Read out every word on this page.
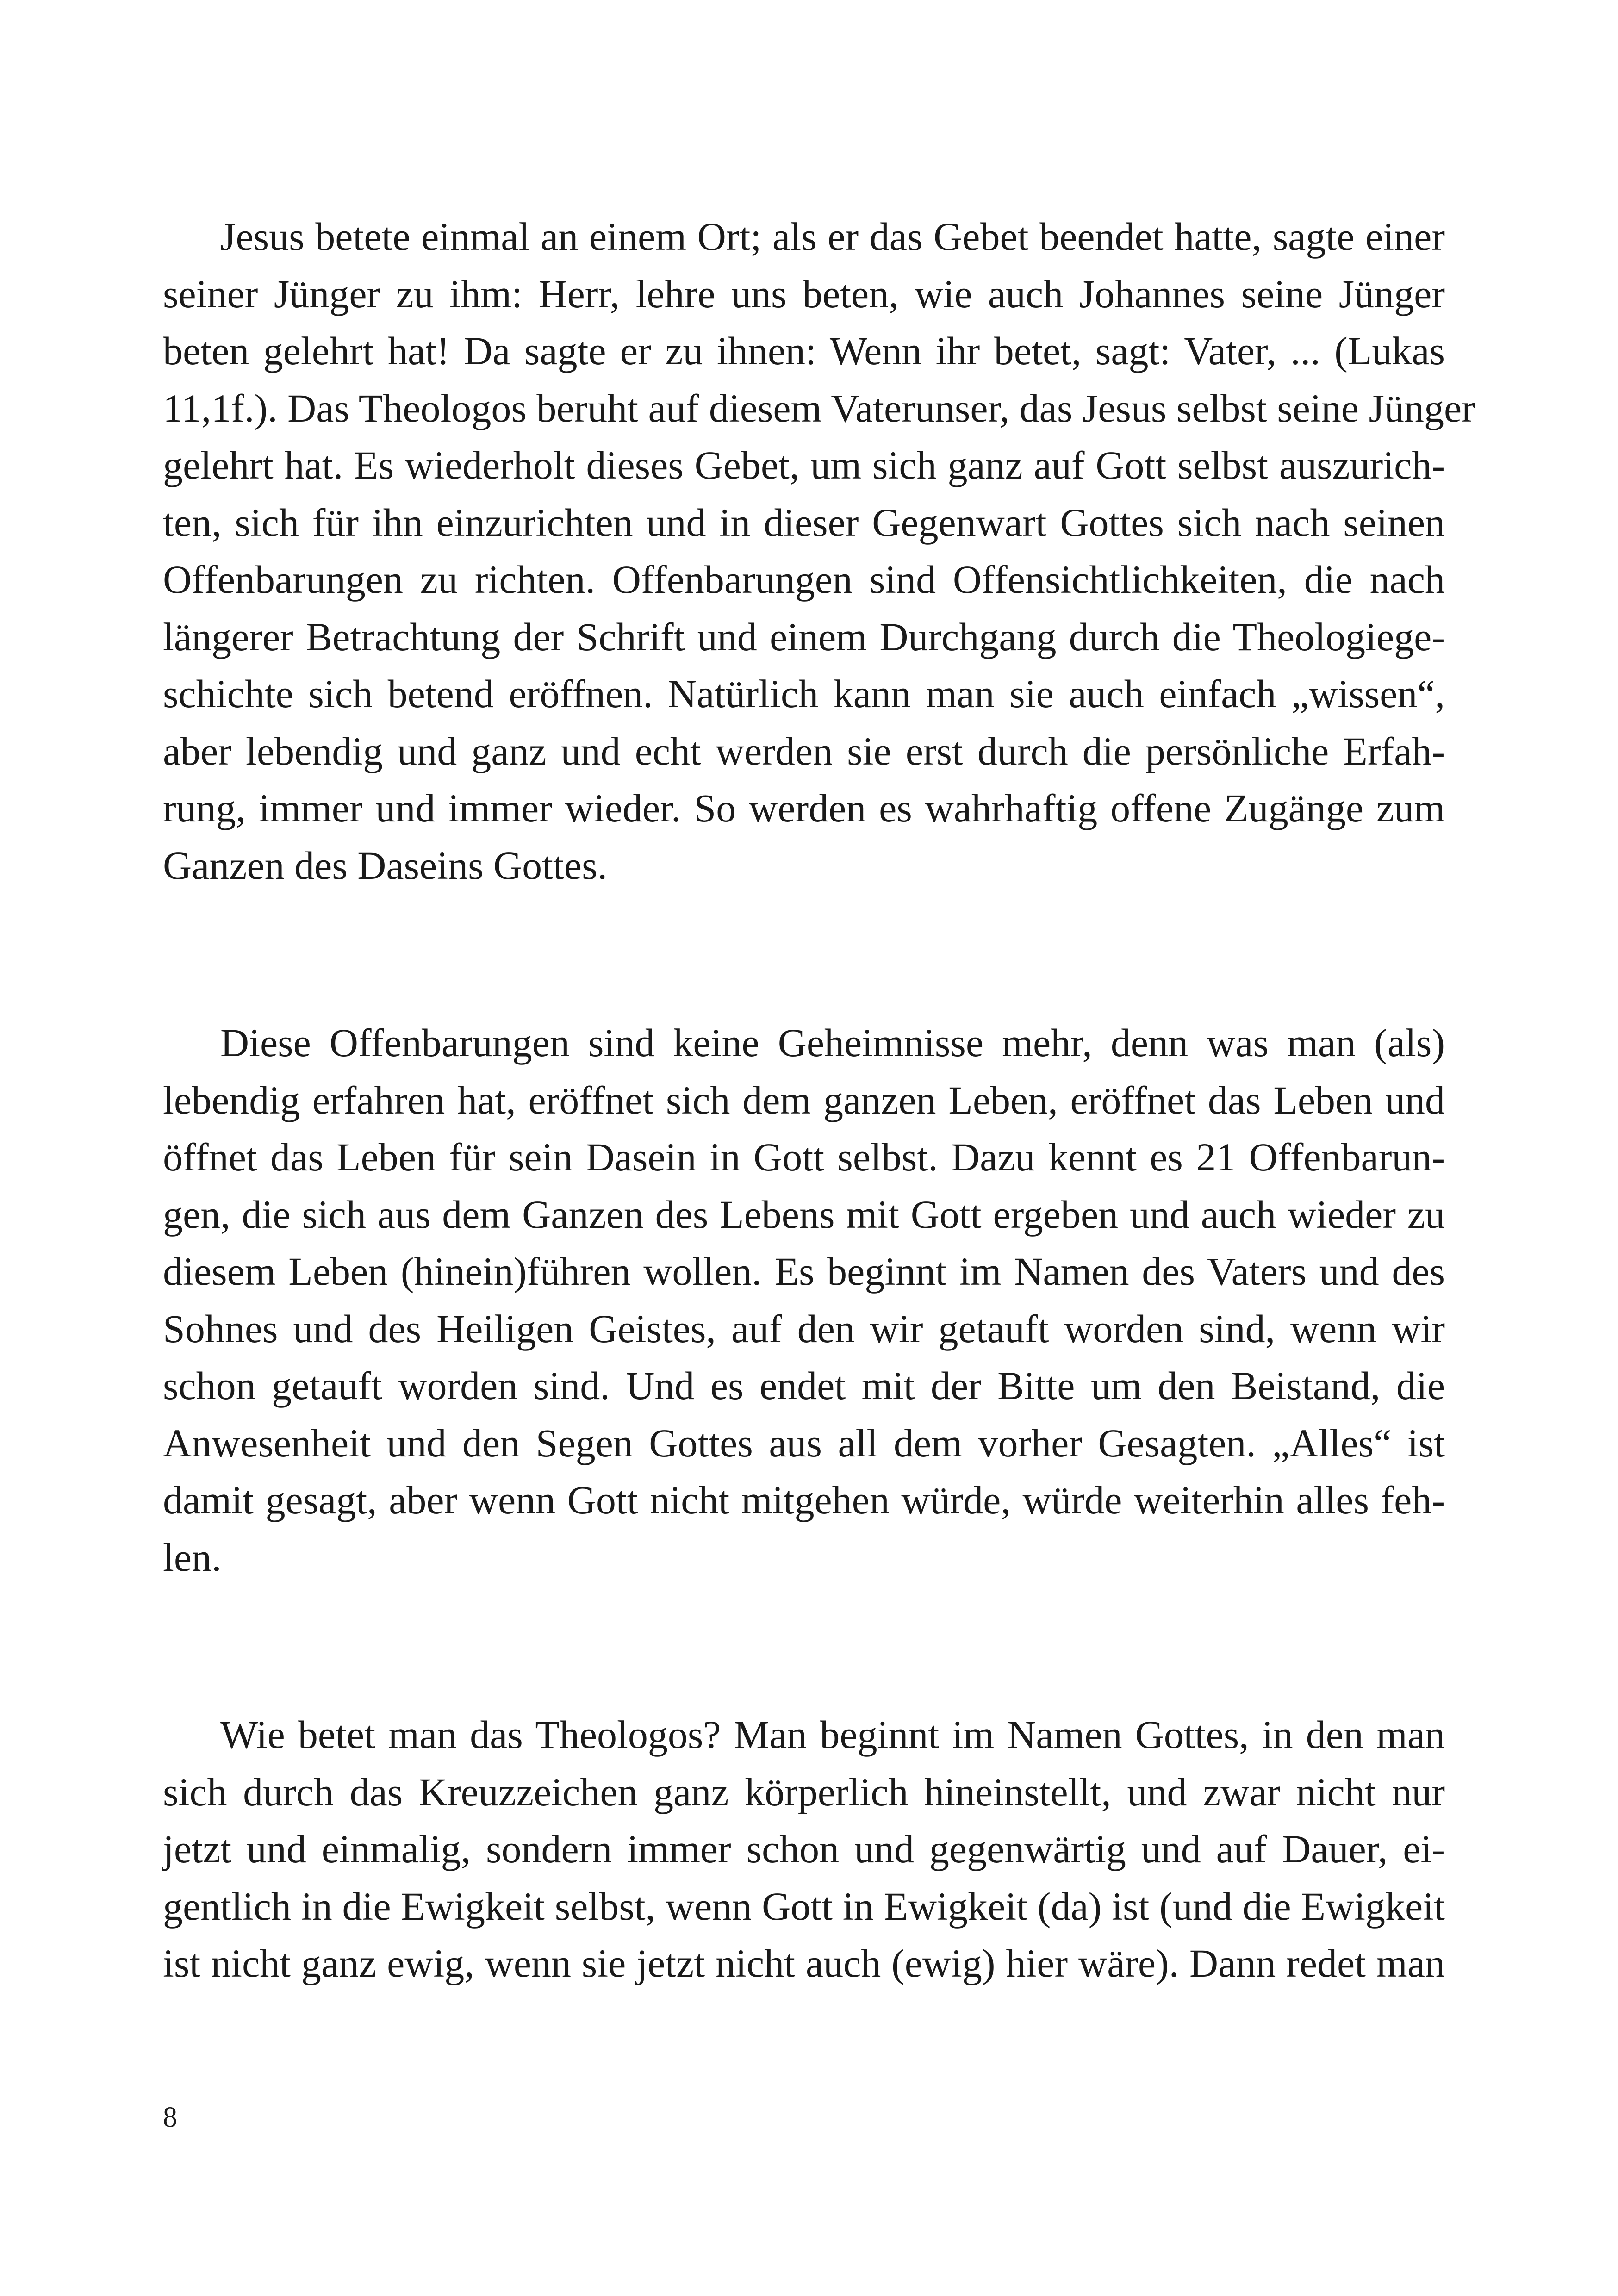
Jesus betete einmal an einem Ort; als er das Gebet beendet hatte, sagte einer
seiner Jünger zu ihm: Herr, lehre uns beten, wie auch Johannes seine Jünger
beten gelehrt hat! Da sagte er zu ihnen: Wenn ihr betet, sagt: Vater, ... (Lukas
11,1f.). Das Theologos beruht auf diesem Vaterunser, das Jesus selbst seine Jünger
gelehrt hat. Es wiederholt dieses Gebet, um sich ganz auf Gott selbst auszurich-
ten, sich für ihn einzurichten und in dieser Gegenwart Gottes sich nach seinen
Offenbarungen zu richten. Offenbarungen sind Offensichtlichkeiten, die nach
längerer Betrachtung der Schrift und einem Durchgang durch die Theologiege-
schichte sich betend eröffnen. Natürlich kann man sie auch einfach „wissen“,
aber lebendig und ganz und echt werden sie erst durch die persönliche Erfah-
rung, immer und immer wieder. So werden es wahrhaftig offene Zugänge zum
Ganzen des Daseins Gottes.
Diese Offenbarungen sind keine Geheimnisse mehr, denn was man (als)
lebendig erfahren hat, eröffnet sich dem ganzen Leben, eröffnet das Leben und
öffnet das Leben für sein Dasein in Gott selbst. Dazu kennt es 21 Offenbarun-
gen, die sich aus dem Ganzen des Lebens mit Gott ergeben und auch wieder zu
diesem Leben (hinein)führen wollen. Es beginnt im Namen des Vaters und des
Sohnes und des Heiligen Geistes, auf den wir getauft worden sind, wenn wir
schon getauft worden sind. Und es endet mit der Bitte um den Beistand, die
Anwesenheit und den Segen Gottes aus all dem vorher Gesagten. „Alles“ ist
damit gesagt, aber wenn Gott nicht mitgehen würde, würde weiterhin alles feh-
len.
Wie betet man das Theologos? Man beginnt im Namen Gottes, in den man
sich durch das Kreuzzeichen ganz körperlich hineinstellt, und zwar nicht nur
jetzt und einmalig, sondern immer schon und gegenwärtig und auf Dauer, ei-
gentlich in die Ewigkeit selbst, wenn Gott in Ewigkeit (da) ist (und die Ewigkeit
ist nicht ganz ewig, wenn sie jetzt nicht auch (ewig) hier wäre). Dann redet man
8
